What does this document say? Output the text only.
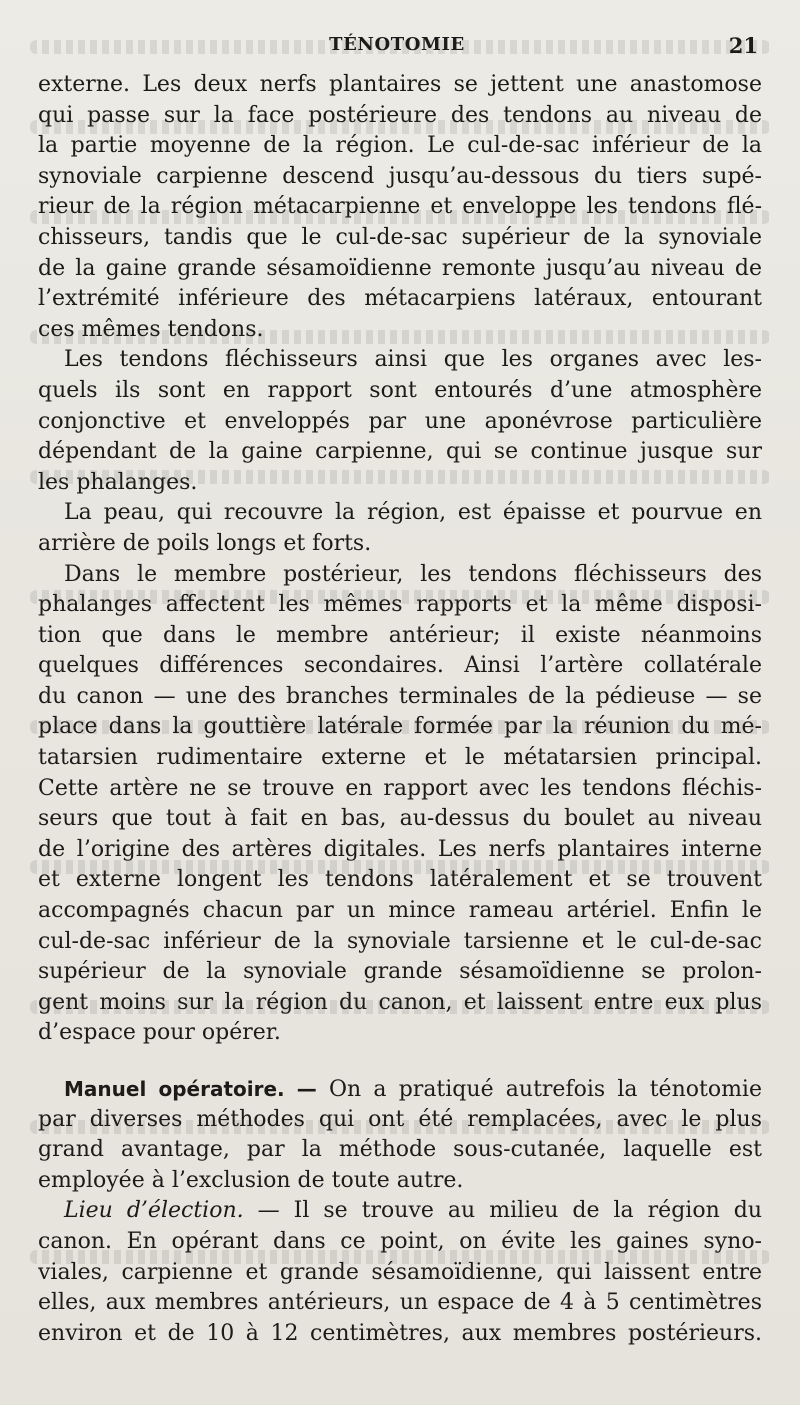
TÉNOTOMIE	21
externe. Les deux nerfs plantaires se jettent une anastomose
qui passe sur la face postérieure des tendons au niveau de
la partie moyenne de la région. Le cul-de-sac inférieur de la
synoviale carpienne descend jusqu’au-dessous du tiers supé-
rieur de la région métacarpienne et enveloppe les tendons flé-
chisseurs, tandis que le cul-de-sac supérieur de la synoviale
de la gaine grande sésamoïdienne remonte jusqu’au niveau de
l’extrémité inférieure des métacarpiens latéraux, entourant
ces mêmes tendons.
Les tendons fléchisseurs ainsi que les organes avec les-
quels ils sont en rapport sont entourés d’une atmosphère
conjonctive et enveloppés par une aponévrose particulière
dépendant de la gaine carpienne, qui se continue jusque sur
les phalanges.
La peau, qui recouvre la région, est épaisse et pourvue en
arrière de poils longs et forts.
Dans le membre postérieur, les tendons fléchisseurs des
phalanges affectent les mêmes rapports et la même disposi-
tion que dans le membre antérieur; il existe néanmoins
quelques différences secondaires. Ainsi l’artère collatérale
du canon — une des branches terminales de la pédieuse — se
place dans la gouttière latérale formée par la réunion du mé-
tatarsien rudimentaire externe et le métatarsien principal.
Cette artère ne se trouve en rapport avec les tendons fléchis-
seurs que tout à fait en bas, au-dessus du boulet au niveau
de l’origine des artères digitales. Les nerfs plantaires interne
et externe longent les tendons latéralement et se trouvent
accompagnés chacun par un mince rameau artériel. Enfin le
cul-de-sac inférieur de la synoviale tarsienne et le cul-de-sac
supérieur de la synoviale grande sésamoïdienne se prolon-
gent moins sur la région du canon, et laissent entre eux plus
d’espace pour opérer.
Manuel opératoire. — On a pratiqué autrefois la ténotomie
par diverses méthodes qui ont été remplacées, avec le plus
grand avantage, par la méthode sous-cutanée, laquelle est
employée à l’exclusion de toute autre.
Lieu d’élection. — Il se trouve au milieu de la région du
canon. En opérant dans ce point, on évite les gaines syno-
viales, carpienne et grande sésamoïdienne, qui laissent entre
elles, aux membres antérieurs, un espace de 4 à 5 centimètres
environ et de 10 à 12 centimètres, aux membres postérieurs.
